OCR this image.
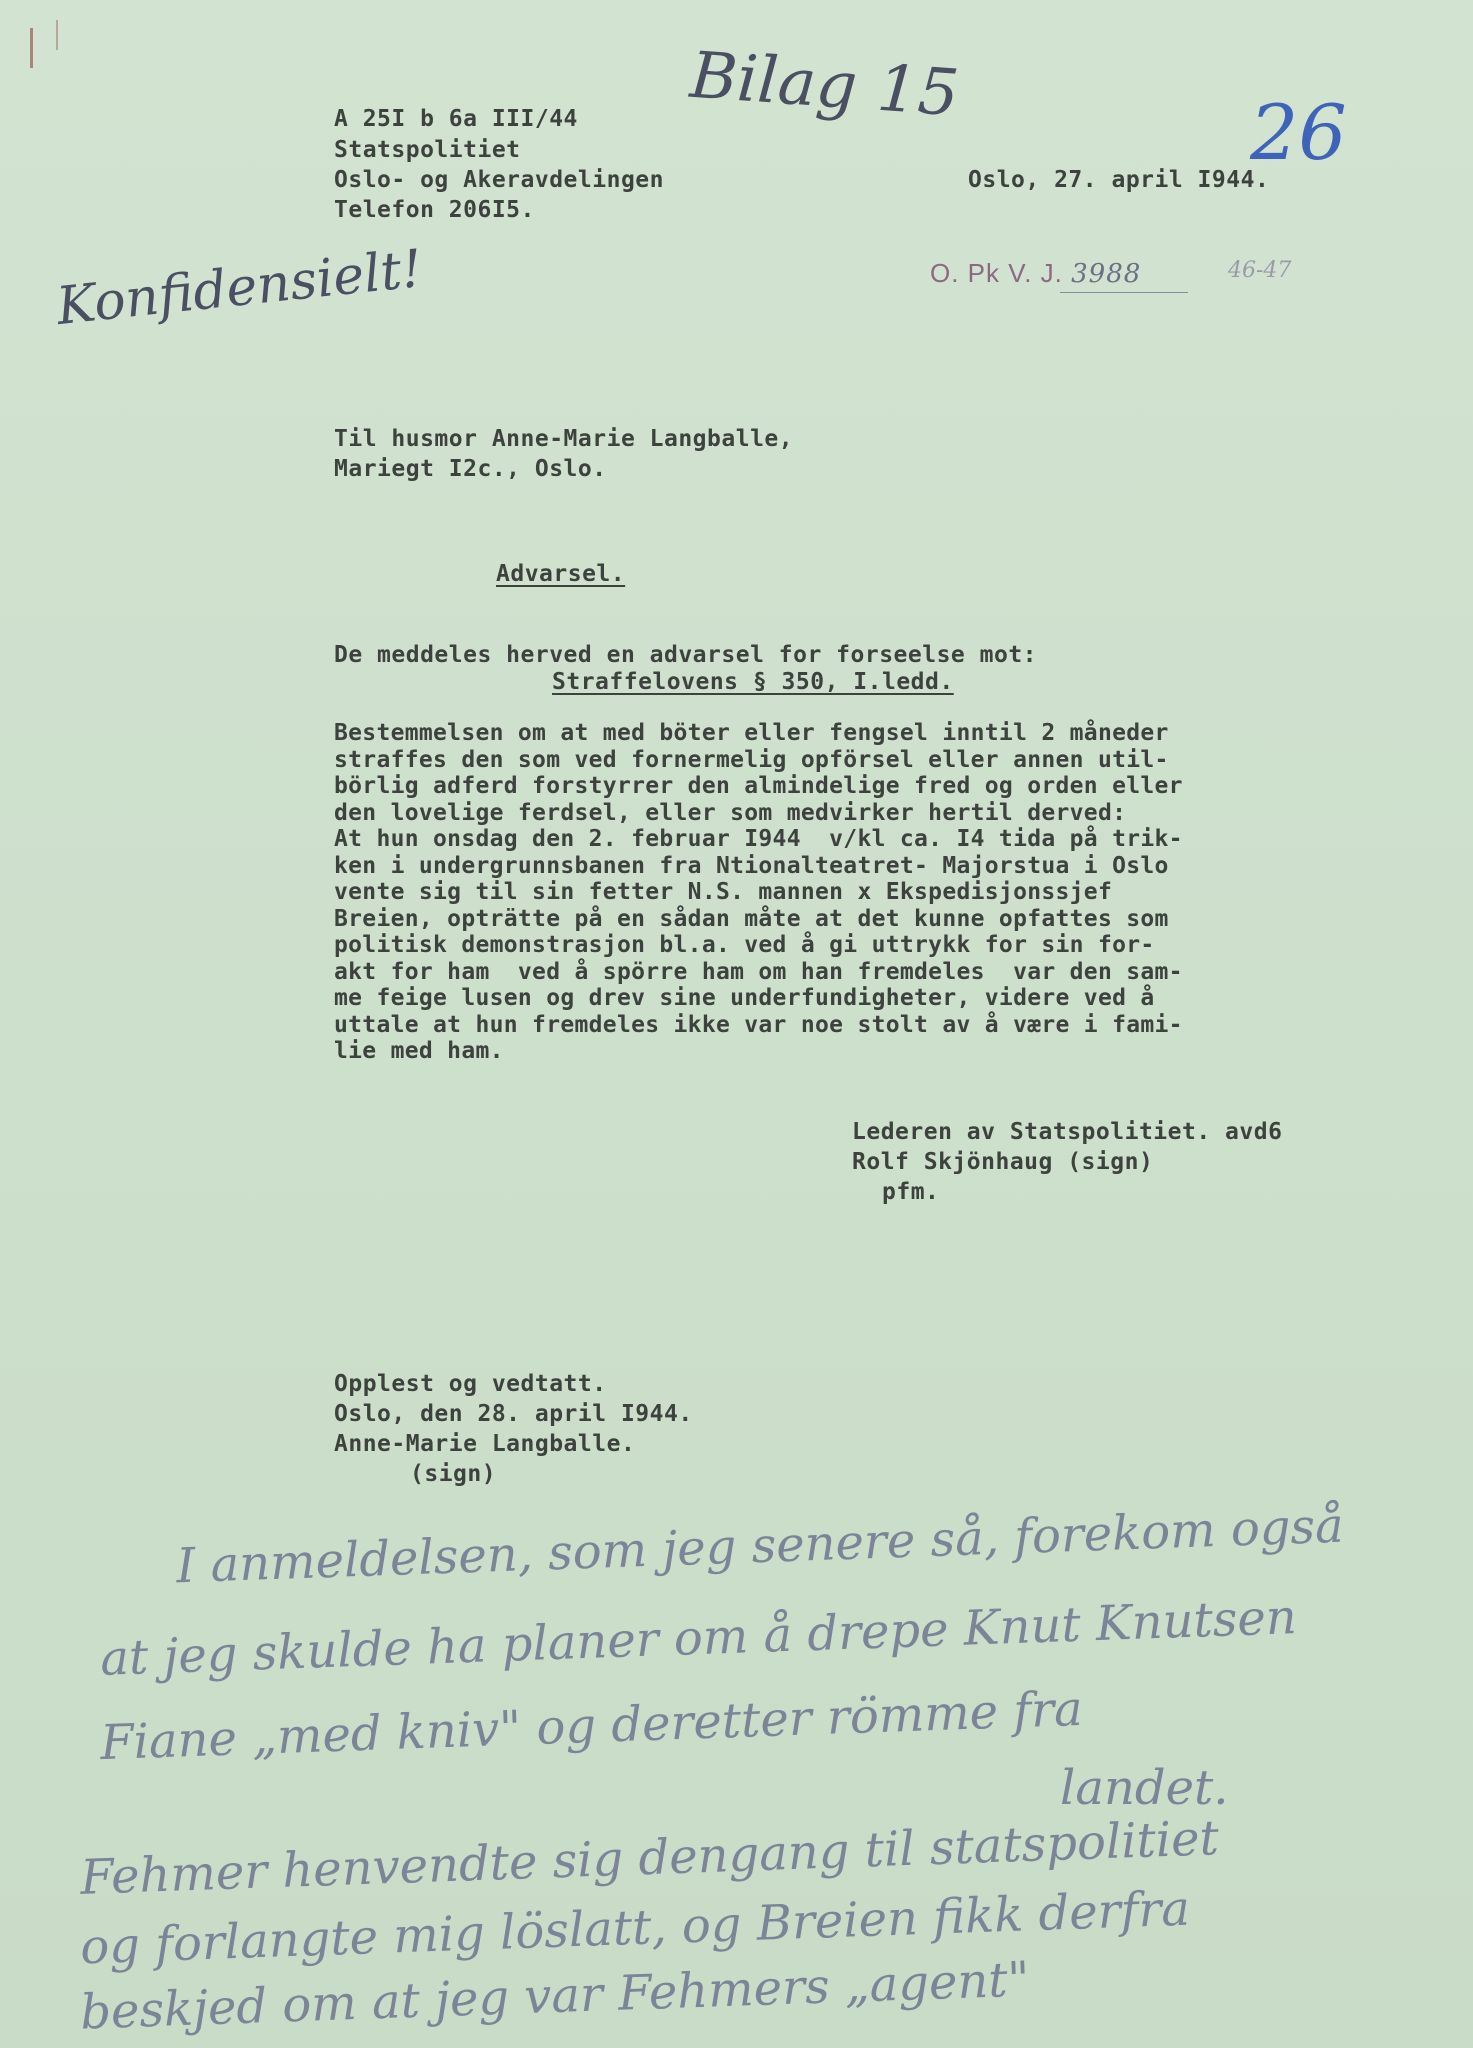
Bilag 15
26
Konfidensielt!
A 25I b 6a III/44
Statspolitiet
Oslo- og Akeravdelingen
Telefon 206I5.
Oslo, 27. april I944.
O. Pk V. J. 3988	46-47
Til husmor Anne-Marie Langballe,
Mariegt I2c., Oslo.
Advarsel.
De meddeles herved en advarsel for forseelse mot:
Straffelovens § 350, I.ledd.
Bestemmelsen om at med böter eller fengsel inntil 2 måneder
straffes den som ved fornermelig opförsel eller annen util-
börlig adferd forstyrrer den almindelige fred og orden eller
den lovelige ferdsel, eller som medvirker hertil derved:
At hun onsdag den 2. februar I944  v/kl ca. I4 tida på trik-
ken i undergrunnsbanen fra Ntionalteatret- Majorstua i Oslo
vente sig til sin fetter N.S. mannen x Ekspedisjonssjef
Breien, opträtte på en sådan måte at det kunne opfattes som
politisk demonstrasjon bl.a. ved å gi uttrykk for sin for-
akt for ham  ved å spörre ham om han fremdeles  var den sam-
me feige lusen og drev sine underfundigheter, videre ved å
uttale at hun fremdeles ikke var noe stolt av å være i fami-
lie med ham.
Lederen av Statspolitiet. avd6
Rolf Skjönhaug (sign)
pfm.
Opplest og vedtatt.
Oslo, den 28. april I944.
Anne-Marie Langballe.
(sign)
I anmeldelsen, som jeg senere så, forekom også
at jeg skulde ha planer om å drepe Knut Knutsen
Fiane „med kniv" og deretter römme fra
landet.
Fehmer henvendte sig dengang til statspolitiet
og forlangte mig löslatt, og Breien fikk derfra
beskjed om at jeg var Fehmers „agent"
